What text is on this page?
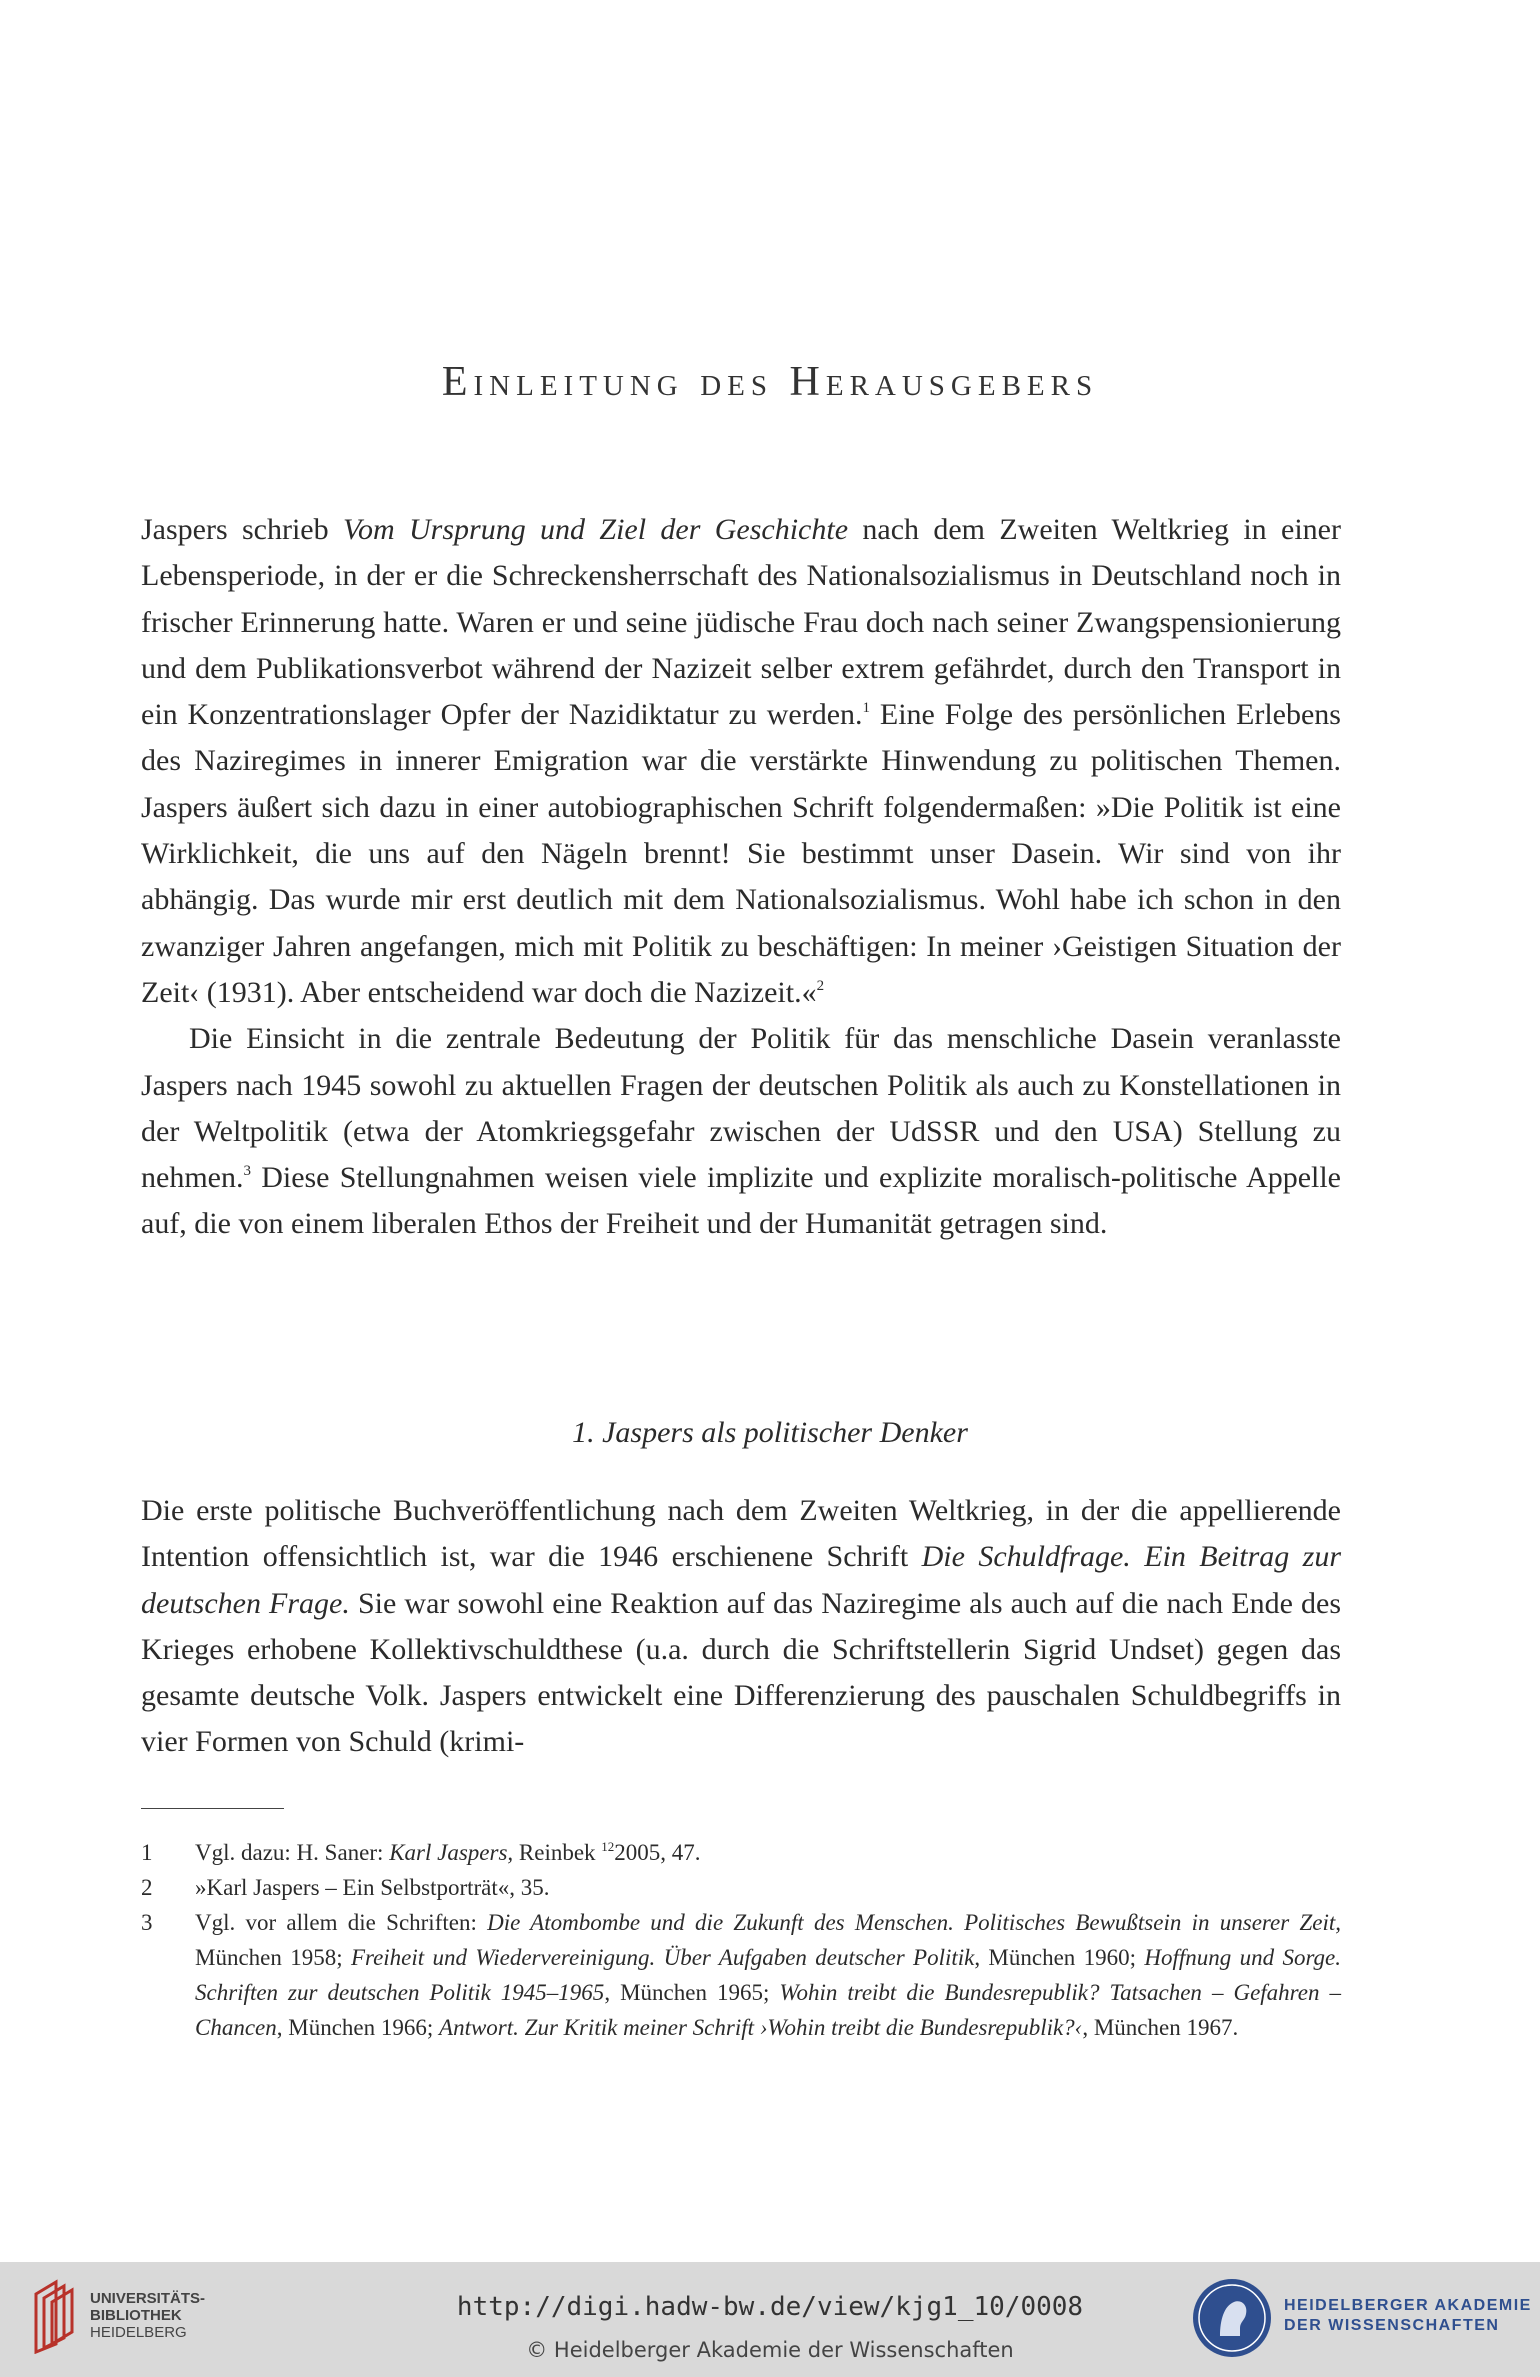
Einleitung des Herausgebers

Jaspers schrieb Vom Ursprung und Ziel der Geschichte nach dem Zweiten Weltkrieg in einer Lebensperiode, in der er die Schreckensherrschaft des Nationalsozialismus in Deutschland noch in frischer Erinnerung hatte. Waren er und seine jüdische Frau doch nach seiner Zwangspensionierung und dem Publikationsverbot während der Nazizeit selber extrem gefährdet, durch den Transport in ein Konzentrationslager Opfer der Nazidiktatur zu werden.$^1$ Eine Folge des persönlichen Erlebens des Naziregimes in innerer Emigration war die verstärkte Hinwendung zu politischen Themen. Jaspers äußert sich dazu in einer autobiographischen Schrift folgendermaßen: »Die Politik ist eine Wirklichkeit, die uns auf den Nägeln brennt! Sie bestimmt unser Dasein. Wir sind von ihr abhängig. Das wurde mir erst deutlich mit dem Nationalsozialismus. Wohl habe ich schon in den zwanziger Jahren angefangen, mich mit Politik zu beschäftigen: In meiner ›Geistigen Situation der Zeit‹ (1931). Aber entscheidend war doch die Nazizeit.«$^2$

Die Einsicht in die zentrale Bedeutung der Politik für das menschliche Dasein veranlasste Jaspers nach 1945 sowohl zu aktuellen Fragen der deutschen Politik als auch zu Konstellationen in der Weltpolitik (etwa der Atomkriegsgefahr zwischen der UdSSR und den USA) Stellung zu nehmen.$^3$ Diese Stellungnahmen weisen viele implizite und explizite moralisch-politische Appelle auf, die von einem liberalen Ethos der Freiheit und der Humanität getragen sind.

1. Jaspers als politischer Denker

Die erste politische Buchveröffentlichung nach dem Zweiten Weltkrieg, in der die appellierende Intention offensichtlich ist, war die 1946 erschienene Schrift Die Schuldfrage. Ein Beitrag zur deutschen Frage. Sie war sowohl eine Reaktion auf das Naziregime als auch auf die nach Ende des Krieges erhobene Kollektivschuldthese (u.a. durch die Schriftstellerin Sigrid Undset) gegen das gesamte deutsche Volk. Jaspers entwickelt eine Differenzierung des pauschalen Schuldbegriffs in vier Formen von Schuld (krimi-

1	Vgl. dazu: H. Saner: Karl Jaspers, Reinbek $^{12}$2005, 47.
2	»Karl Jaspers – Ein Selbstporträt«, 35.
3	Vgl. vor allem die Schriften: Die Atombombe und die Zukunft des Menschen. Politisches Bewußtsein in unserer Zeit, München 1958; Freiheit und Wiedervereinigung. Über Aufgaben deutscher Politik, München 1960; Hoffnung und Sorge. Schriften zur deutschen Politik 1945–1965, München 1965; Wohin treibt die Bundesrepublik? Tatsachen – Gefahren – Chancen, München 1966; Antwort. Zur Kritik meiner Schrift ›Wohin treibt die Bundesrepublik?‹, München 1967.
UNIVERSITÄTS-
BIBLIOTHEK
HEIDELBERG
http://digi.hadw-bw.de/view/kjg1_10/0008
© Heidelberger Akademie der Wissenschaften
HEIDELBERGER AKADEMIE
DER WISSENSCHAFTEN
